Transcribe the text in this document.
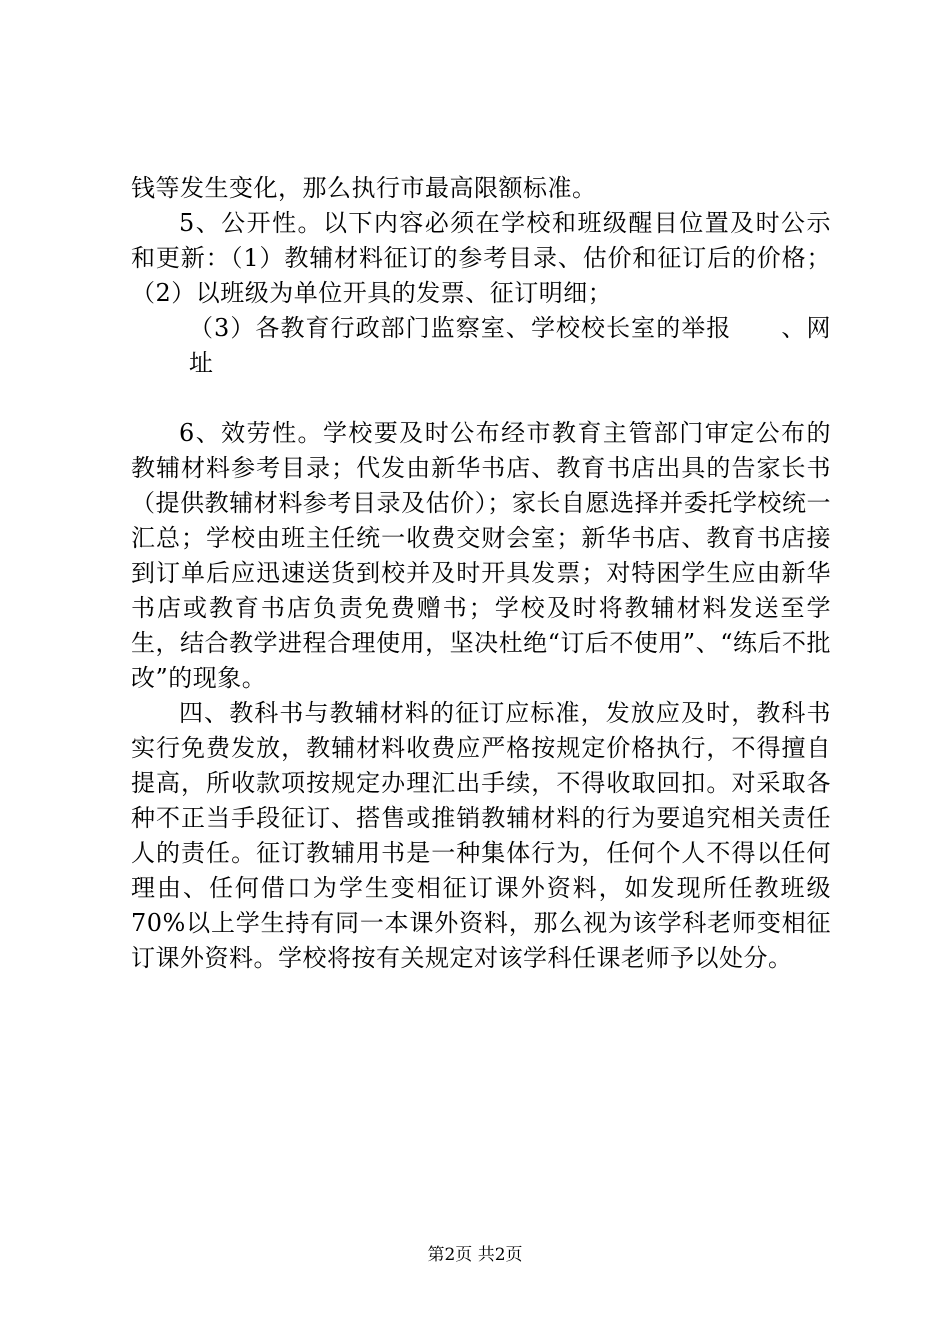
钱等发生变化，那么执行市最高限额标准。

5、公开性。以下内容必须在学校和班级醒目位置及时公示和更新：（1）教辅材料征订的参考目录、估价和征订后的价格；（2）以班级为单位开具的发票、征订明细；

（3）各教育行政部门监察室、学校校长室的举报　　、网址

6、效劳性。学校要及时公布经市教育主管部门审定公布的教辅材料参考目录；代发由新华书店、教育书店出具的告家长书（提供教辅材料参考目录及估价）；家长自愿选择并委托学校统一汇总；学校由班主任统一收费交财会室；新华书店、教育书店接到订单后应迅速送货到校并及时开具发票；对特困学生应由新华书店或教育书店负责免费赠书；学校及时将教辅材料发送至学生，结合教学进程合理使用，坚决杜绝“订后不使用”、“练后不批改”的现象。

四、教科书与教辅材料的征订应标准，发放应及时，教科书实行免费发放，教辅材料收费应严格按规定价格执行，不得擅自提高，所收款项按规定办理汇出手续，不得收取回扣。对采取各种不正当手段征订、搭售或推销教辅材料的行为要追究相关责任人的责任。征订教辅用书是一种集体行为，任何个人不得以任何理由、任何借口为学生变相征订课外资料，如发现所任教班级70%以上学生持有同一本课外资料，那么视为该学科老师变相征订课外资料。学校将按有关规定对该学科任课老师予以处分。

第2页 共2页
